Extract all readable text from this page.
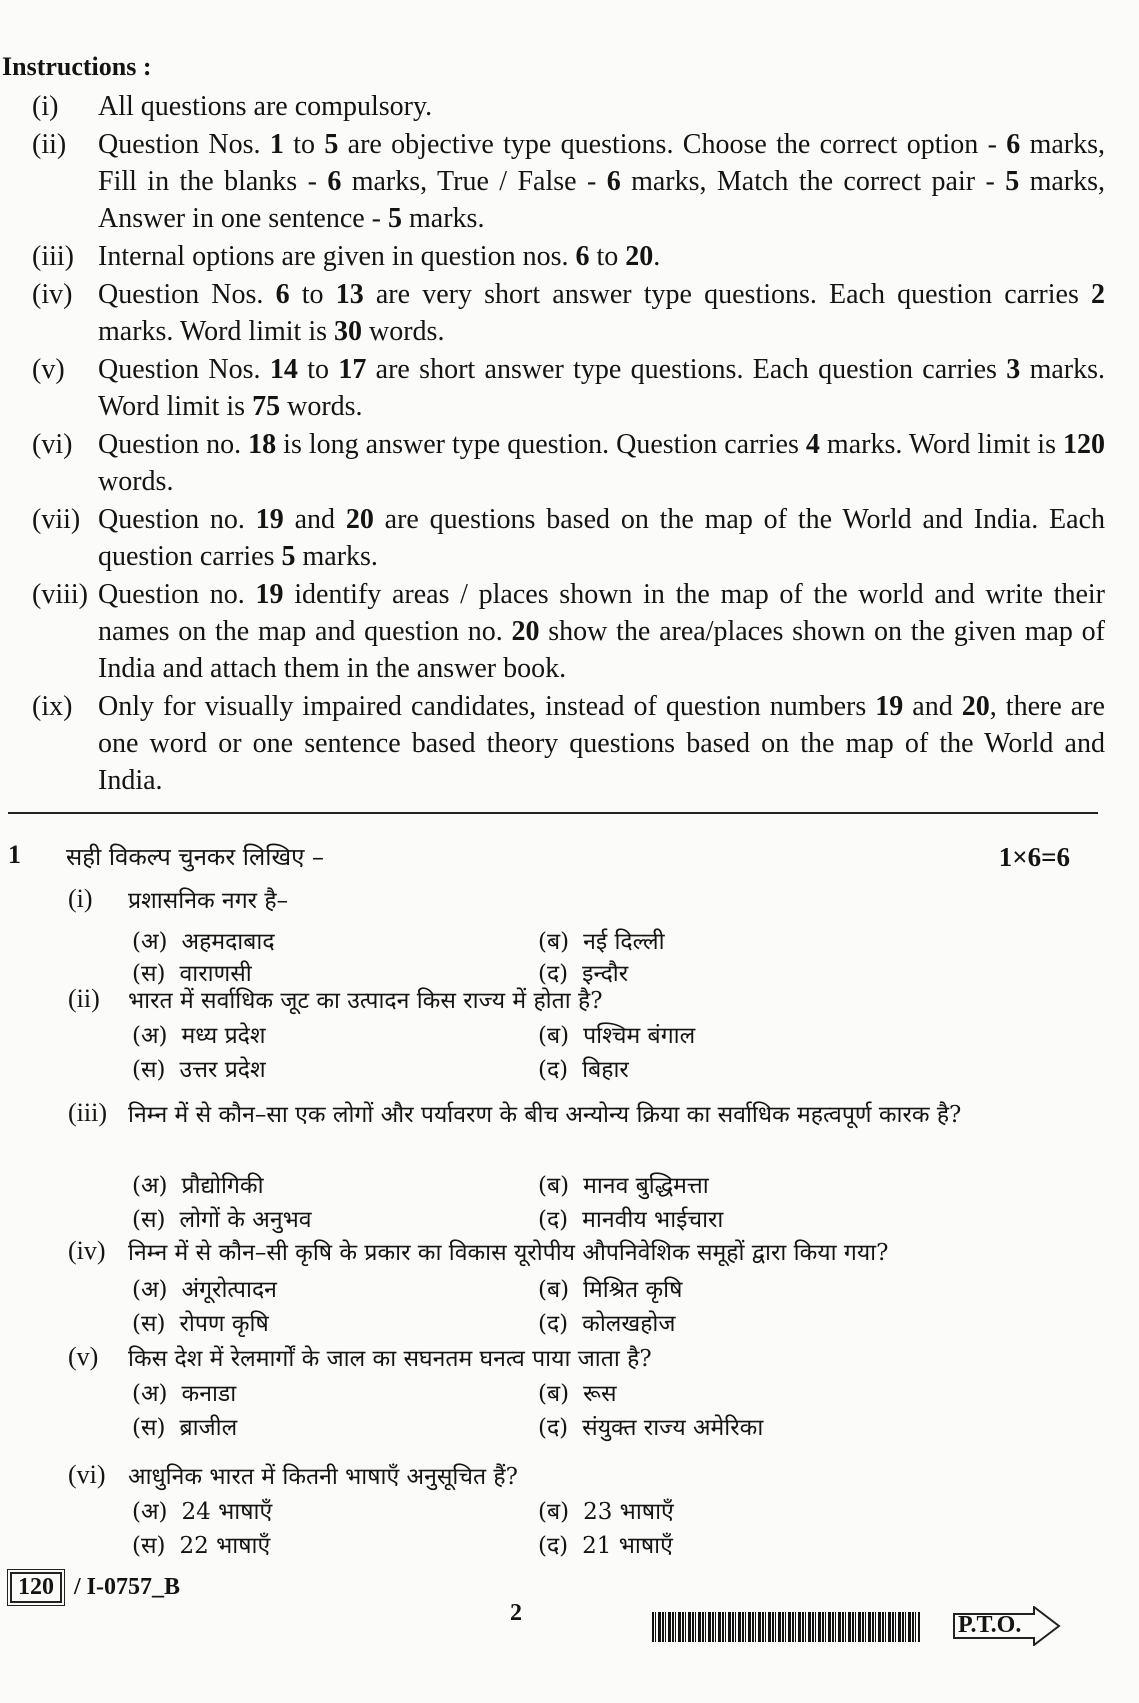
Instructions :
(i)	All questions are compulsory.
(ii)	Question Nos. 1 to 5 are objective type questions. Choose the correct option - 6 marks, Fill in the blanks - 6 marks, True / False - 6 marks, Match the correct pair - 5 marks, Answer in one sentence - 5 marks.
(iii) Internal options are given in question nos. 6 to 20.
(iv) Question Nos. 6 to 13 are very short answer type questions. Each question carries 2 marks. Word limit is 30 words.
(v)	Question Nos. 14 to 17 are short answer type questions. Each question carries 3 marks. Word limit is 75 words.
(vi) Question no. 18 is long answer type question. Question carries 4 marks. Word limit is 120 words.
(vii) Question no. 19 and 20 are questions based on the map of the World and India. Each question carries 5 marks.
(viii) Question no. 19 identify areas / places shown in the map of the world and write their names on the map and question no. 20 show the area/places shown on the given map of India and attach them in the answer book.
(ix) Only for visually impaired candidates, instead of question numbers 19 and 20, there are one word or one sentence based theory questions based on the map of the World and India.
1 सही विकल्प चुनकर लिखिए –	1×6=6
(i) प्रशासनिक नगर है–
(अ) अहमदाबाद	(ब) नई दिल्ली
(स) वाराणसी	(द) इन्दौर
(ii) भारत में सर्वाधिक जूट का उत्पादन किस राज्य में होता है?
(अ) मध्य प्रदेश	(ब) पश्चिम बंगाल
(स) उत्तर प्रदेश	(द) बिहार
(iii) निम्न में से कौन–सा एक लोगों और पर्यावरण के बीच अन्योन्य क्रिया का सर्वाधिक महत्वपूर्ण कारक है?
(अ) प्रौद्योगिकी	(ब) मानव बुद्धिमत्ता
(स) लोगों के अनुभव	(द) मानवीय भाईचारा
(iv) निम्न में से कौन–सी कृषि के प्रकार का विकास यूरोपीय औपनिवेशिक समूहों द्वारा किया गया?
(अ) अंगूरोत्पादन	(ब) मिश्रित कृषि
(स) रोपण कृषि	(द) कोलखहोज
(v) किस देश में रेलमार्गों के जाल का सघनतम घनत्व पाया जाता है?
(अ) कनाडा	(ब) रूस
(स) ब्राजील	(द) संयुक्त राज्य अमेरिका
(vi) आधुनिक भारत में कितनी भाषाएँ अनुसूचित हैं?
(अ) 24 भाषाएँ	(ब) 23 भाषाएँ
(स) 22 भाषाएँ	(द) 21 भाषाएँ
120 / I-0757_B
2	P.T.O.
